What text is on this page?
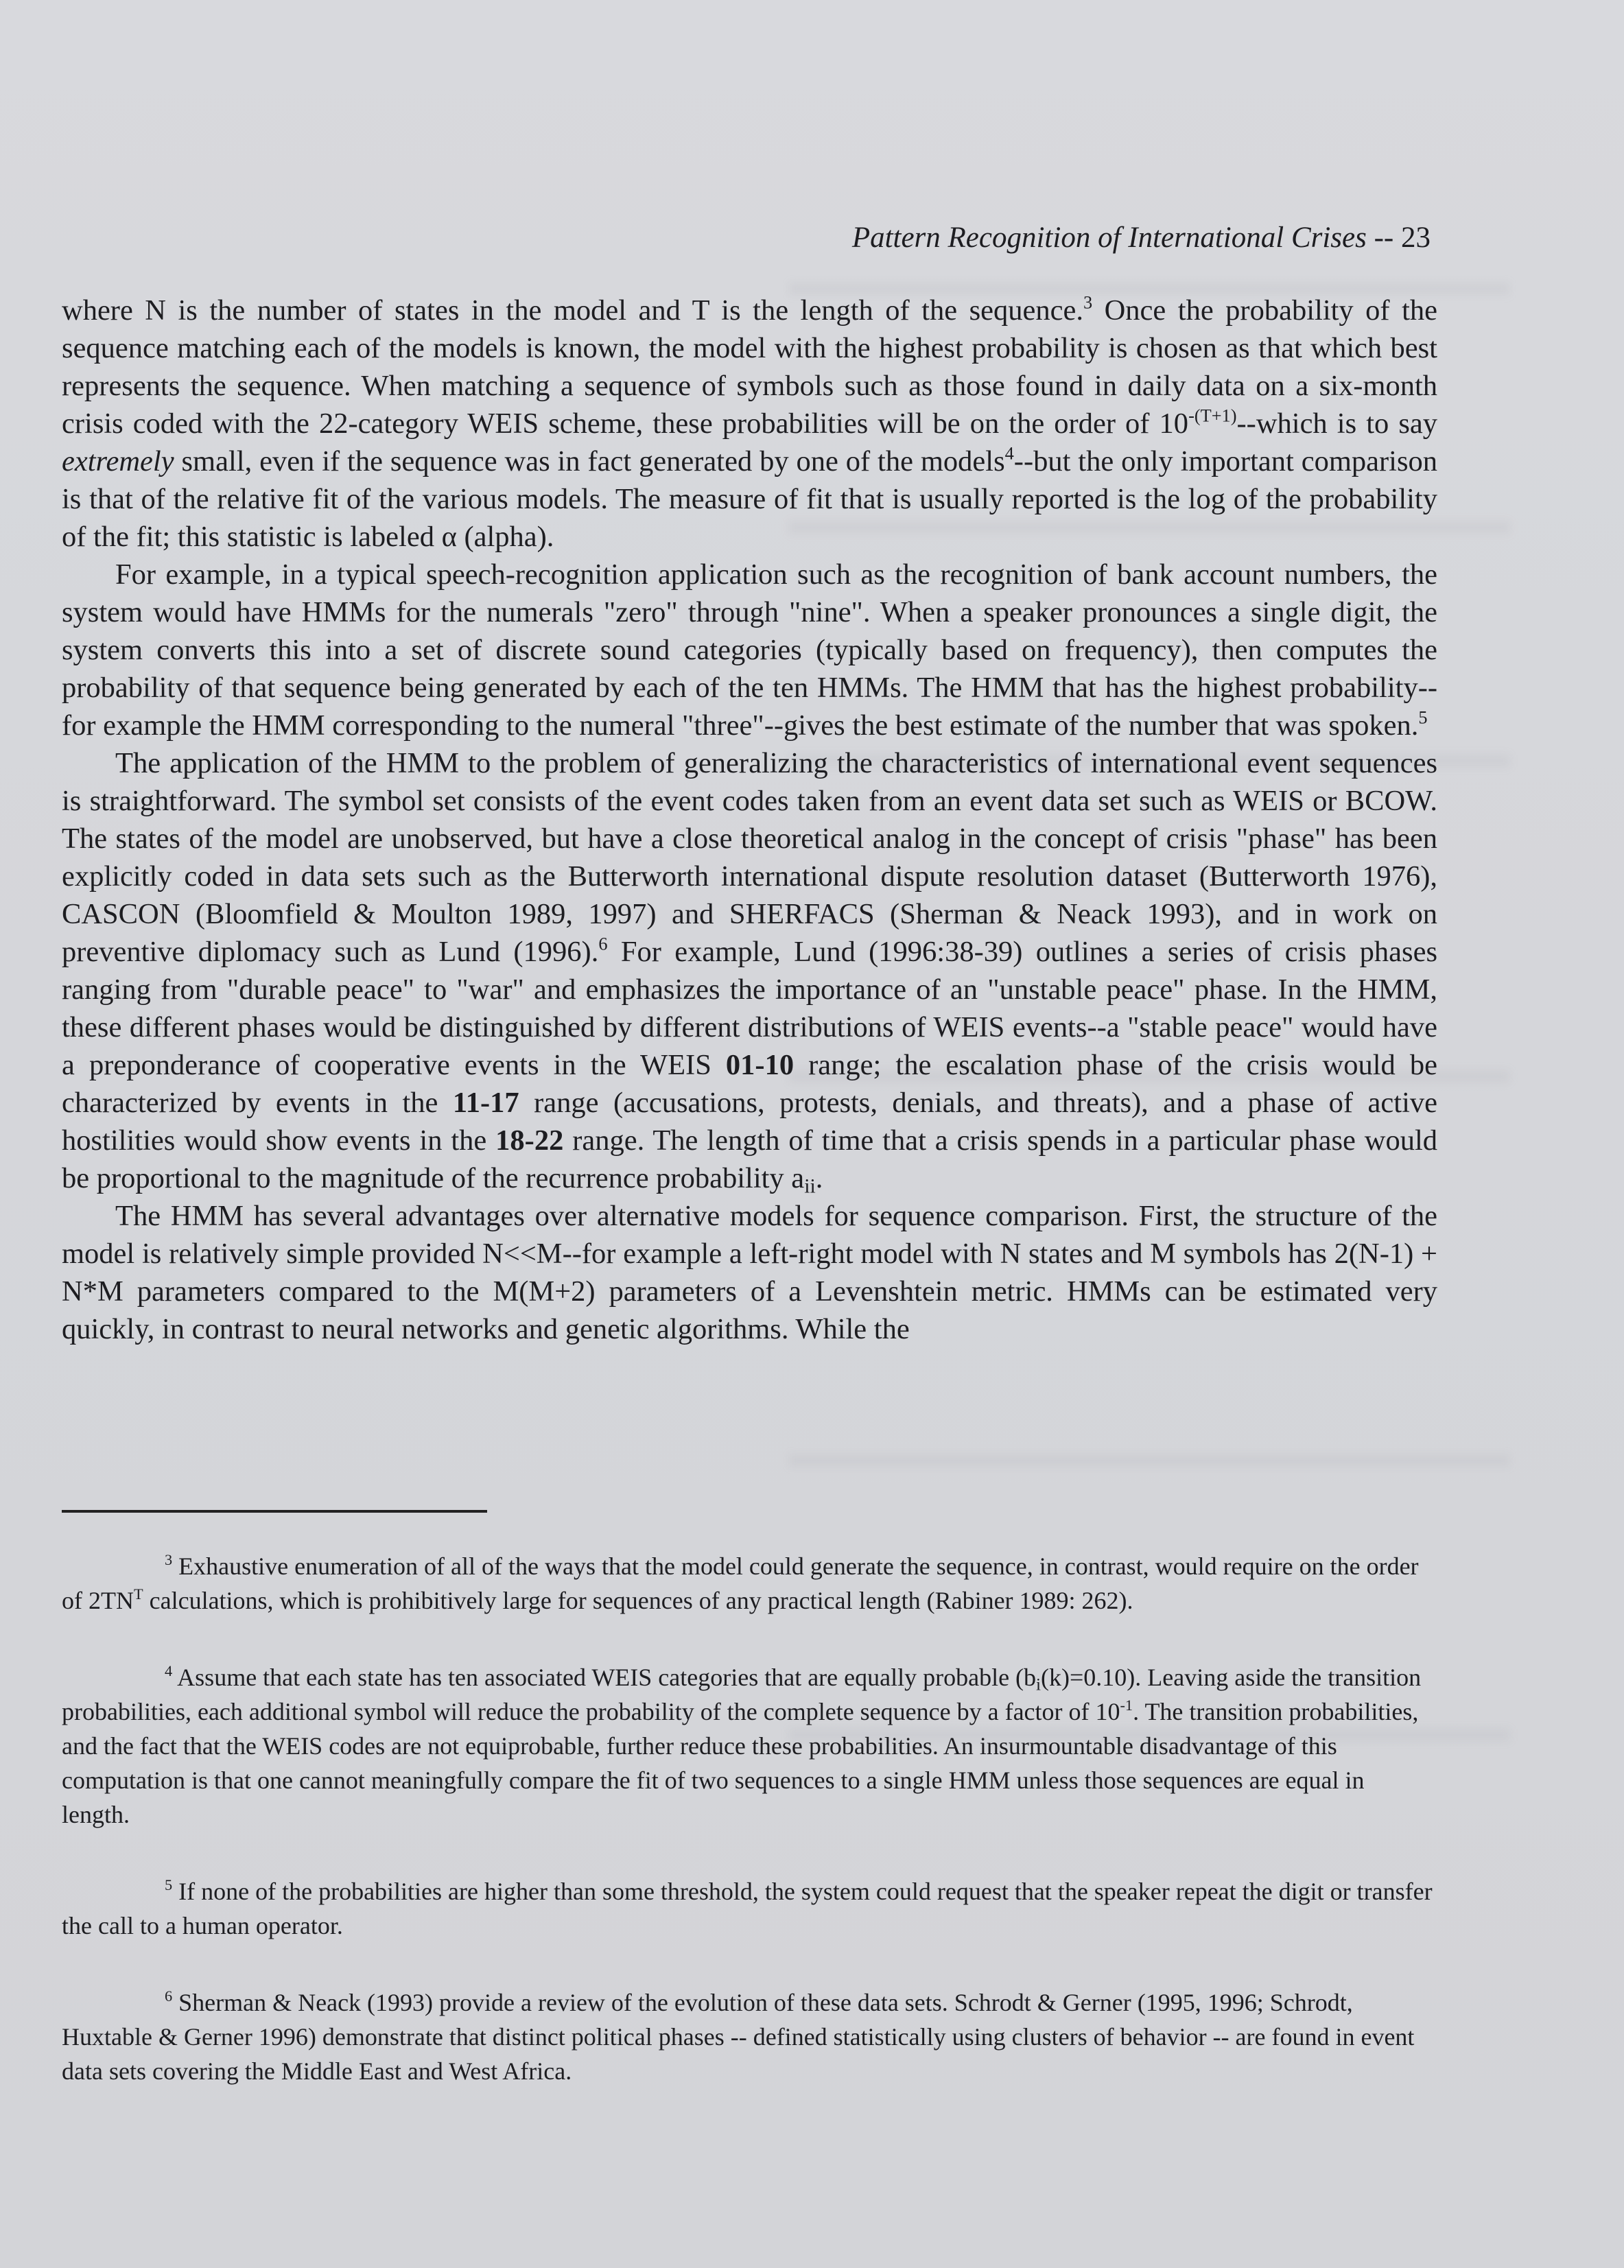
Pattern Recognition of International Crises -- 23

where N is the number of states in the model and T is the length of the sequence.$^3$ Once the probability of the sequence matching each of the models is known, the model with the highest probability is chosen as that which best represents the sequence. When matching a sequence of symbols such as those found in daily data on a six-month crisis coded with the 22-category WEIS scheme, these probabilities will be on the order of $10^{-(T+1)}-$-which is to say extremely small, even if the sequence was in fact generated by one of the models$^4$--but the only important comparison is that of the relative fit of the various models. The measure of fit that is usually reported is the log of the probability of the fit; this statistic is labeled α (alpha).

For example, in a typical speech-recognition application such as the recognition of bank account numbers, the system would have HMMs for the numerals "zero" through "nine". When a speaker pronounces a single digit, the system converts this into a set of discrete sound categories (typically based on frequency), then computes the probability of that sequence being generated by each of the ten HMMs. The HMM that has the highest probability--for example the HMM corresponding to the numeral "three"--gives the best estimate of the number that was spoken.$^5$

The application of the HMM to the problem of generalizing the characteristics of international event sequences is straightforward. The symbol set consists of the event codes taken from an event data set such as WEIS or BCOW. The states of the model are unobserved, but have a close theoretical analog in the concept of crisis "phase" has been explicitly coded in data sets such as the Butterworth international dispute resolution dataset (Butterworth 1976), CASCON (Bloomfield & Moulton 1989, 1997) and SHERFACS (Sherman & Neack 1993), and in work on preventive diplomacy such as Lund (1996).$^6$ For example, Lund (1996:38-39) outlines a series of crisis phases ranging from "durable peace" to "war" and emphasizes the importance of an "unstable peace" phase. In the HMM, these different phases would be distinguished by different distributions of WEIS events--a "stable peace" would have a preponderance of cooperative events in the WEIS 01-10 range; the escalation phase of the crisis would be characterized by events in the 11-17 range (accusations, protests, denials, and threats), and a phase of active hostilities would show events in the 18-22 range. The length of time that a crisis spends in a particular phase would be proportional to the magnitude of the recurrence probability $a_{ii}$.

The HMM has several advantages over alternative models for sequence comparison. First, the structure of the model is relatively simple provided N<<M--for example a left-right model with N states and M symbols has 2(N-1) + N*M parameters compared to the M(M+2) parameters of a Levenshtein metric. HMMs can be estimated very quickly, in contrast to neural networks and genetic algorithms. While the

$^3$ Exhaustive enumeration of all of the ways that the model could generate the sequence, in contrast, would require on the order of $2TN^T$ calculations, which is prohibitively large for sequences of any practical length (Rabiner 1989: 262).

$^4$ Assume that each state has ten associated WEIS categories that are equally probable $(b_i(k)=0.10)$. Leaving aside the transition probabilities, each additional symbol will reduce the probability of the complete sequence by a factor of $10^{-1}$. The transition probabilities, and the fact that the WEIS codes are not equiprobable, further reduce these probabilities. An insurmountable disadvantage of this computation is that one cannot meaningfully compare the fit of two sequences to a single HMM unless those sequences are equal in length.

$^5$ If none of the probabilities are higher than some threshold, the system could request that the speaker repeat the digit or transfer the call to a human operator.

$^6$ Sherman & Neack (1993) provide a review of the evolution of these data sets. Schrodt & Gerner (1995, 1996; Schrodt, Huxtable & Gerner 1996) demonstrate that distinct political phases -- defined statistically using clusters of behavior -- are found in event data sets covering the Middle East and West Africa.
